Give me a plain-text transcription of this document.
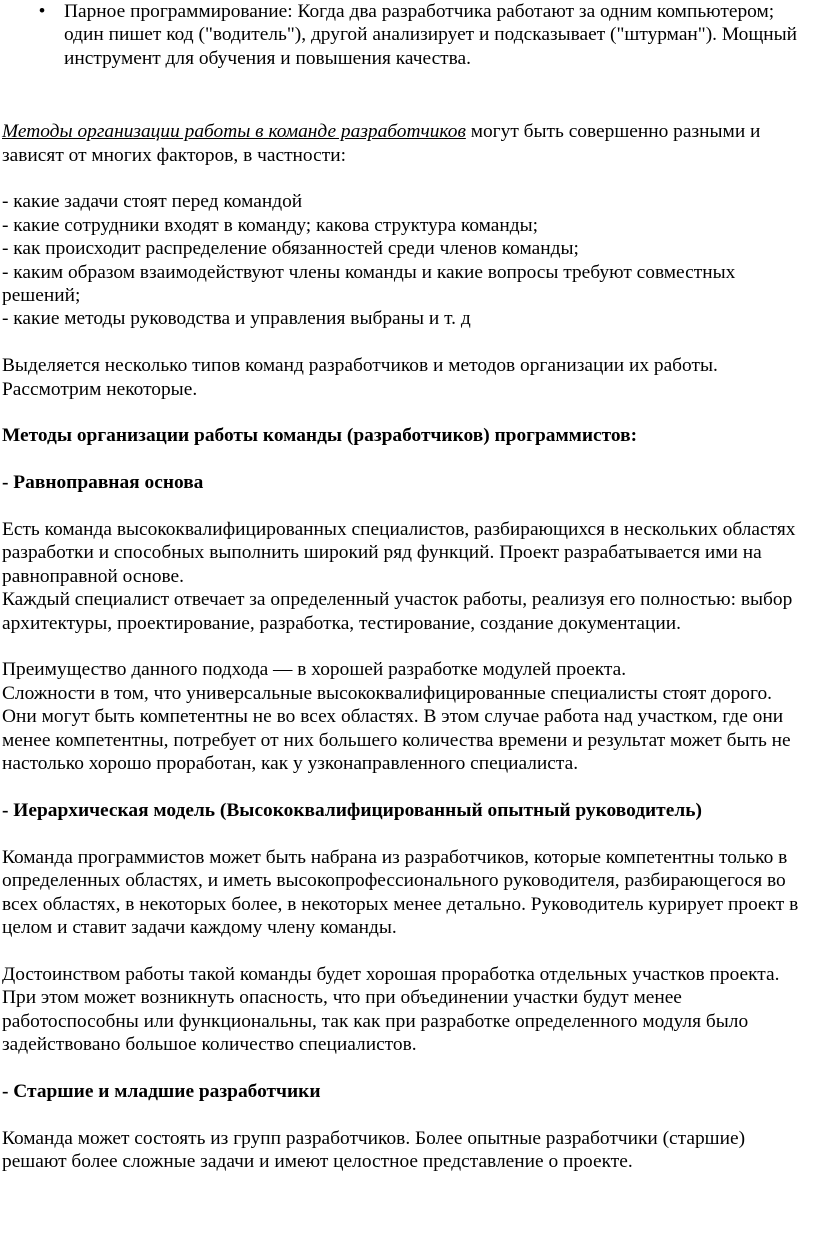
• Парное программирование: Когда два разработчика работают за одним компьютером; один пишет код ("водитель"), другой анализирует и подсказывает ("штурман"). Мощный инструмент для обучения и повышения качества.

Методы организации работы в команде разработчиков могут быть совершенно разными и зависят от многих факторов, в частности:

- какие задачи стоят перед командой
- какие сотрудники входят в команду; какова структура команды;
- как происходит распределение обязанностей среди членов команды;
- каким образом взаимодействуют члены команды и какие вопросы требуют совместных решений;
- какие методы руководства и управления выбраны и т. д

Выделяется несколько типов команд разработчиков и методов организации их работы. Рассмотрим некоторые.

Методы организации работы команды (разработчиков) программистов:

- Равноправная основа

Есть команда высококвалифицированных специалистов, разбирающихся в нескольких областях разработки и способных выполнить широкий ряд функций. Проект разрабатывается ими на равноправной основе.

Каждый специалист отвечает за определенный участок работы, реализуя его полностью: выбор архитектуры, проектирование, разработка, тестирование, создание документации.

Преимущество данного подхода — в хорошей разработке модулей проекта.

Сложности в том, что универсальные высококвалифицированные специалисты стоят дорого. Они могут быть компетентны не во всех областях. В этом случае работа над участком, где они менее компетентны, потребует от них большего количества времени и результат может быть не настолько хорошо проработан, как у узконаправленного специалиста.

- Иерархическая модель (Высококвалифицированный опытный руководитель)

Команда программистов может быть набрана из разработчиков, которые компетентны только в определенных областях, и иметь высокопрофессионального руководителя, разбирающегося во всех областях, в некоторых более, в некоторых менее детально. Руководитель курирует проект в целом и ставит задачи каждому члену команды.

Достоинством работы такой команды будет хорошая проработка отдельных участков проекта.

При этом может возникнуть опасность, что при объединении участки будут менее работоспособны или функциональны, так как при разработке определенного модуля было задействовано большое количество специалистов.

- Старшие и младшие разработчики

Команда может состоять из групп разработчиков. Более опытные разработчики (старшие) решают более сложные задачи и имеют целостное представление о проекте.
